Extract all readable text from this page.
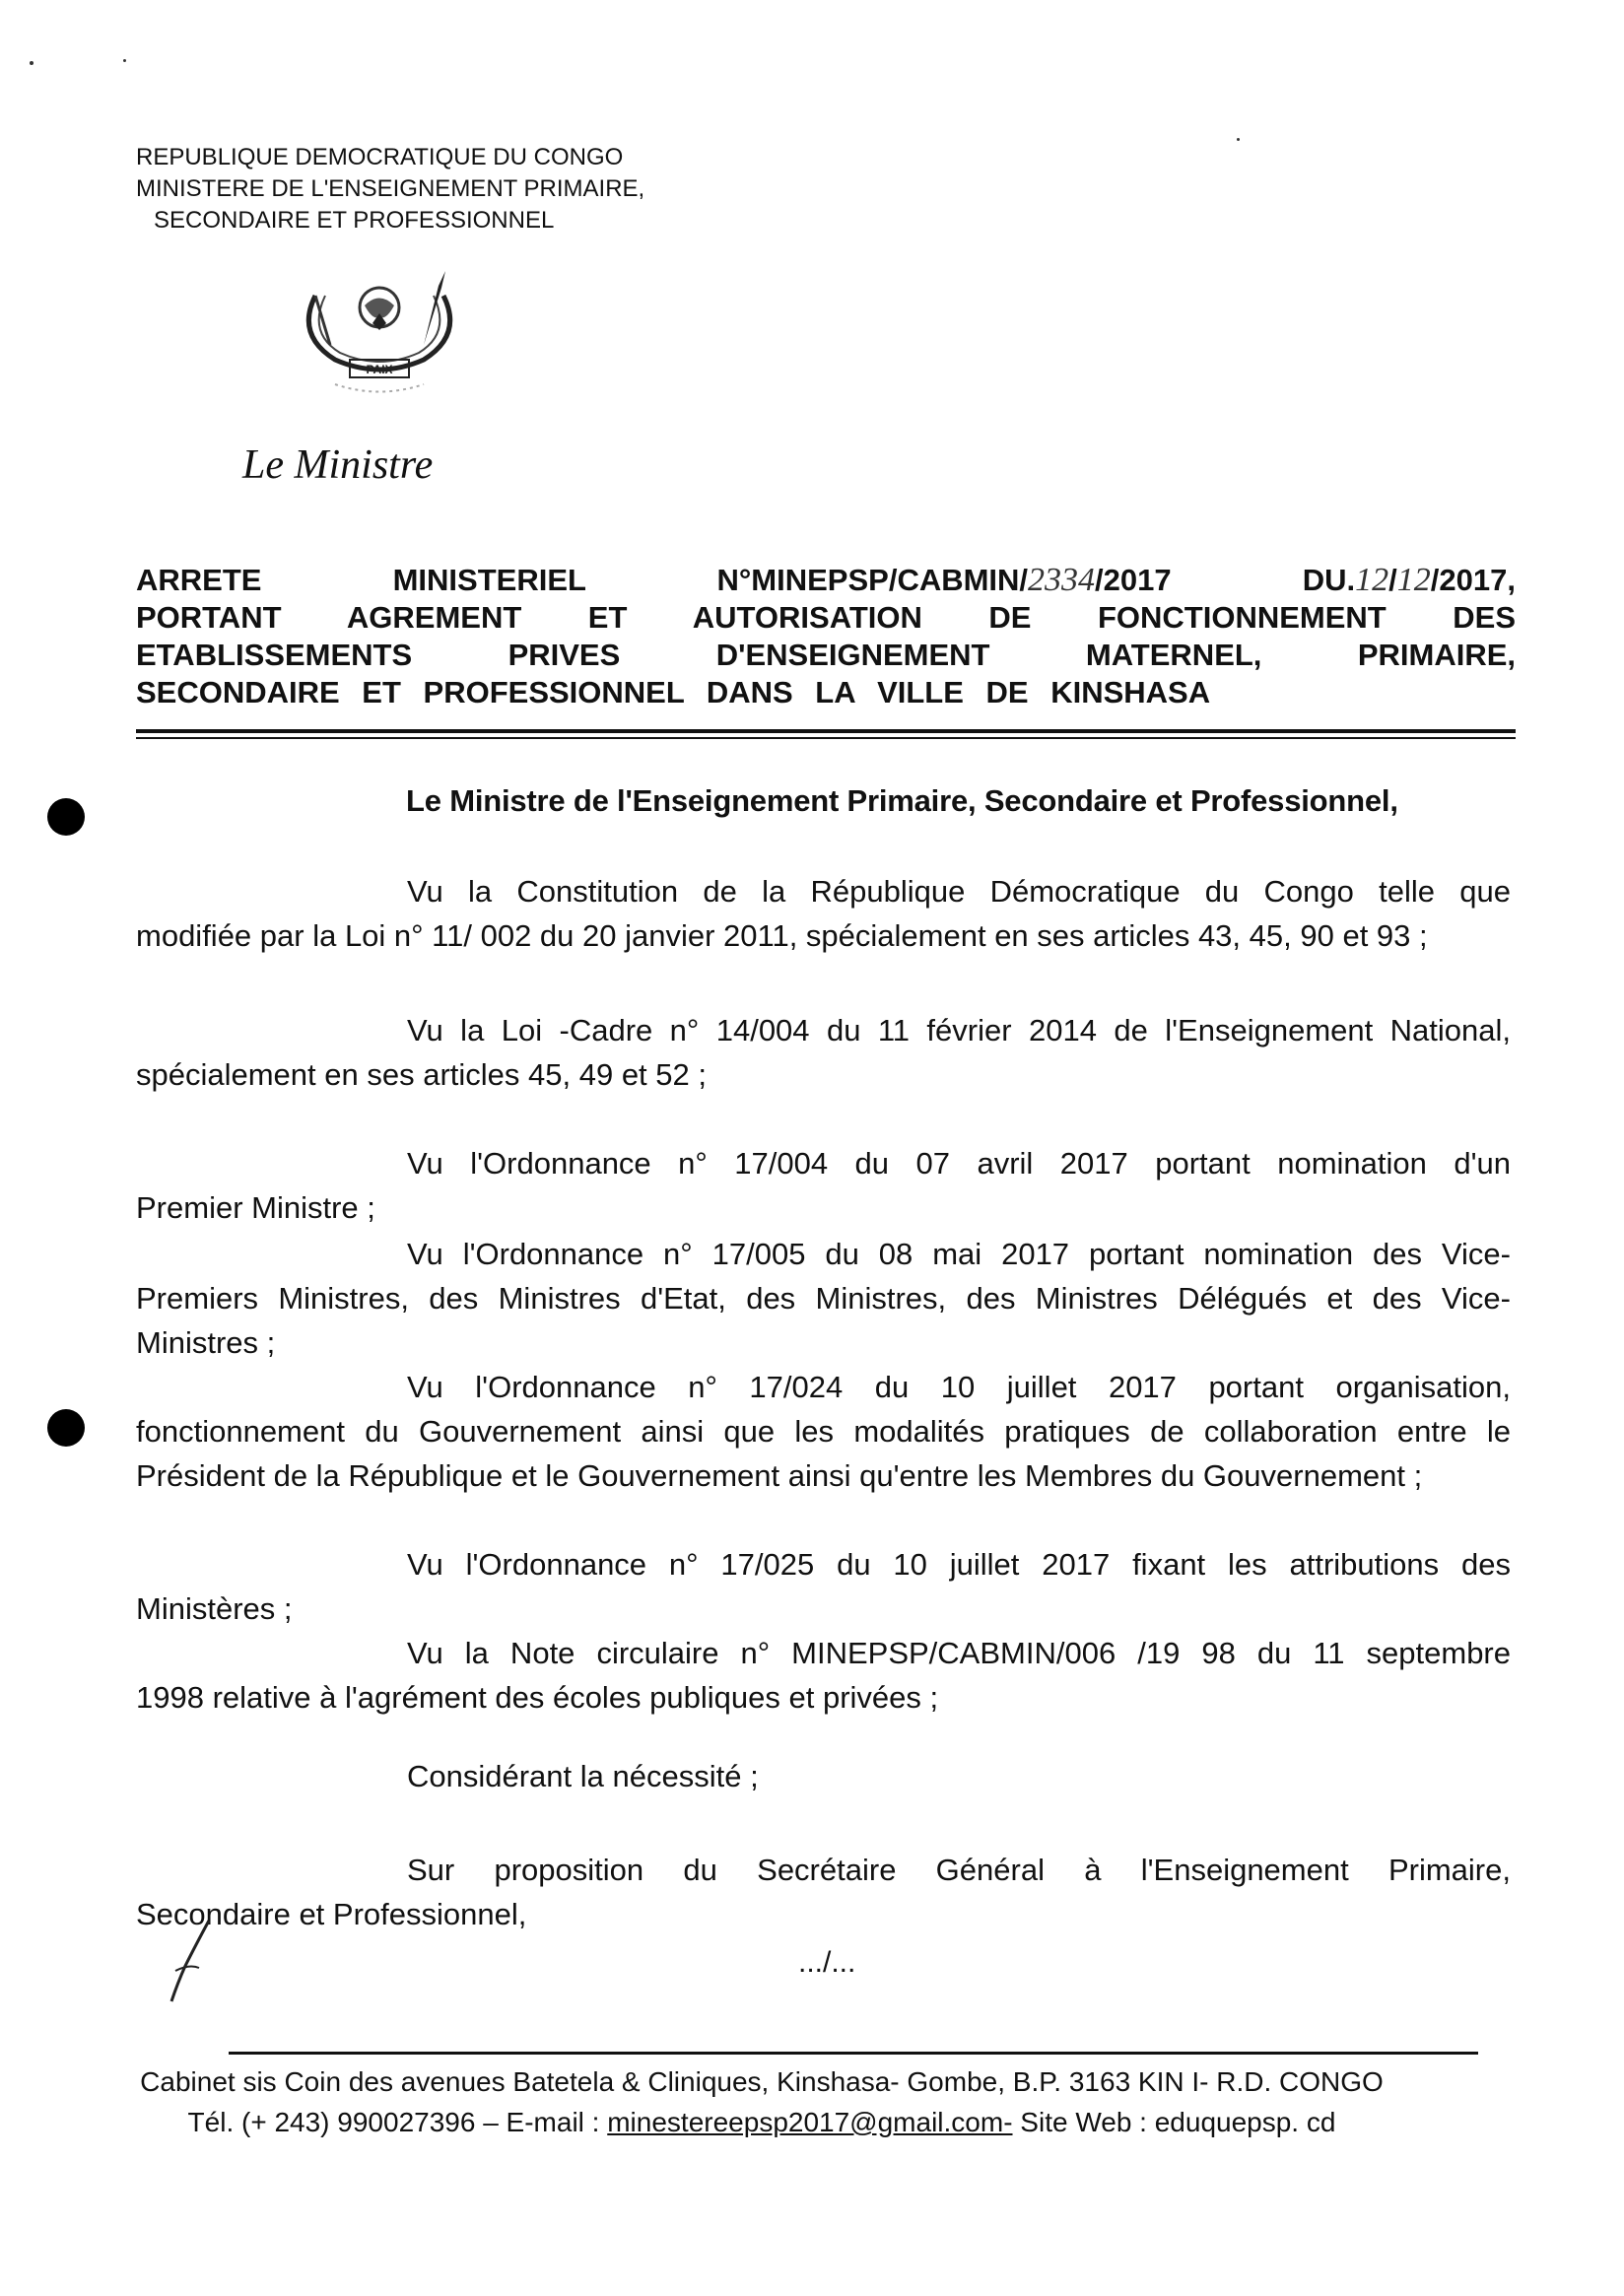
REPUBLIQUE DEMOCRATIQUE DU CONGO
MINISTERE DE L'ENSEIGNEMENT PRIMAIRE,
SECONDAIRE ET PROFESSIONNEL
PAIX
Le Ministre
ARRETE	MINISTERIEL	N°MINEPSP/CABMIN/2334/2017	DU.12/12/2017,
PORTANT AGREMENT ET AUTORISATION DE FONCTIONNEMENT DES
ETABLISSEMENTS PRIVES D'ENSEIGNEMENT MATERNEL, PRIMAIRE,
SECONDAIRE ET PROFESSIONNEL DANS LA VILLE DE KINSHASA
Le Ministre de l'Enseignement Primaire, Secondaire et Professionnel,
Vu la Constitution de la République Démocratique du Congo telle que
modifiée par la Loi n° 11/ 002 du 20 janvier 2011, spécialement en ses articles 43, 45, 90 et 93 ;
Vu la Loi -Cadre n° 14/004 du 11 février 2014 de l'Enseignement National,
spécialement en ses articles 45, 49 et 52 ;
Vu l'Ordonnance n° 17/004 du 07 avril 2017 portant nomination d'un
Premier Ministre ;
Vu l'Ordonnance n° 17/005 du 08 mai 2017 portant nomination des Vice-
Premiers Ministres, des Ministres d'Etat, des Ministres, des Ministres Délégués et des Vice-
Ministres ;
Vu l'Ordonnance n° 17/024 du 10 juillet 2017 portant organisation,
fonctionnement du Gouvernement ainsi que les modalités pratiques de collaboration entre le
Président de la République et le Gouvernement ainsi qu'entre les Membres du Gouvernement ;
Vu l'Ordonnance n° 17/025 du 10 juillet 2017 fixant les attributions des
Ministères ;
Vu la Note circulaire n° MINEPSP/CABMIN/006 /19 98 du 11 septembre
1998 relative à l'agrément des écoles publiques et privées ;
Considérant la nécessité ;
Sur proposition du Secrétaire Général à l'Enseignement Primaire,
Secondaire et Professionnel,
.../...
Cabinet sis Coin des avenues Batetela & Cliniques, Kinshasa- Gombe, B.P. 3163 KIN I- R.D. CONGO
Tél. (+ 243) 990027396 – E-mail : minestereepsp2017@gmail.com- Site Web : eduquepsp. cd
